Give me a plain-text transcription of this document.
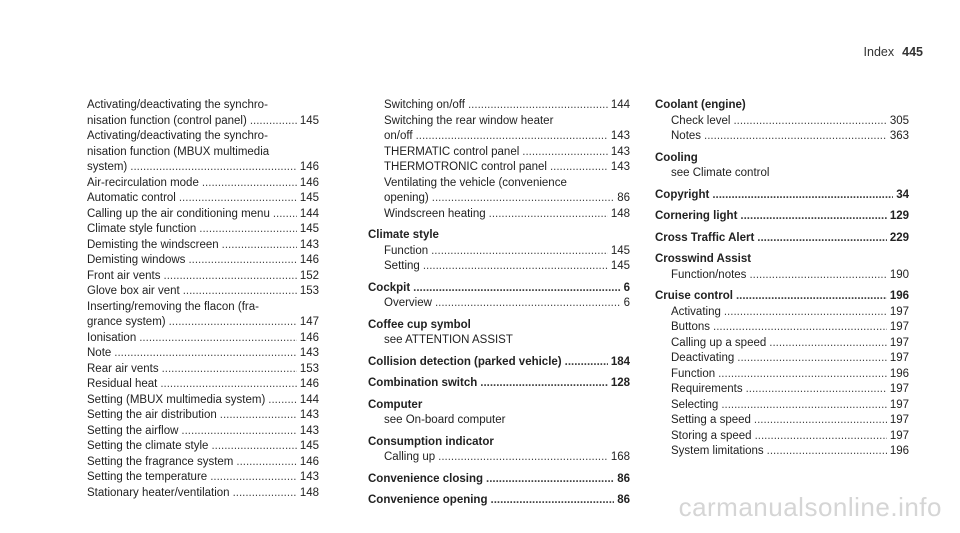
Index 445
Activating/deactivating the synchro-
nisation function (control panel) .....	145
Activating/deactivating the synchro-
nisation function (MBUX multimedia
system) .....	146
Air-recirculation mode .....	146
Automatic control .....	145
Calling up the air conditioning menu .....	144
Climate style function .....	145
Demisting the windscreen .....	143
Demisting windows .....	146
Front air vents .....	152
Glove box air vent .....	153
Inserting/removing the flacon (fra-
grance system) .....	147
Ionisation .....	146
Note .....	143
Rear air vents .....	153
Residual heat .....	146
Setting (MBUX multimedia system) .....	144
Setting the air distribution .....	143
Setting the airflow .....	143
Setting the climate style .....	145
Setting the fragrance system .....	146
Setting the temperature .....	143
Stationary heater/ventilation .....	148
Switching on/off .....	144
Switching the rear window heater
on/off .....	143
THERMATIC control panel .....	143
THERMOTRONIC control panel .....	143
Ventilating the vehicle (convenience
opening) .....	86
Windscreen heating .....	148
Climate style
Function .....	145
Setting .....	145
Cockpit .....	6
Overview .....	6
Coffee cup symbol
see ATTENTION ASSIST
Collision detection (parked vehicle) .....	184
Combination switch .....	128
Computer
see On-board computer
Consumption indicator
Calling up .....	168
Convenience closing .....	86
Convenience opening .....	86
Coolant (engine)
Check level .....	305
Notes .....	363
Cooling
see Climate control
Copyright .....	34
Cornering light .....	129
Cross Traffic Alert .....	229
Crosswind Assist
Function/notes .....	190
Cruise control .....	196
Activating .....	197
Buttons .....	197
Calling up a speed .....	197
Deactivating .....	197
Function .....	196
Requirements .....	197
Selecting .....	197
Setting a speed .....	197
Storing a speed .....	197
System limitations .....	196
carmanualsonline.info
